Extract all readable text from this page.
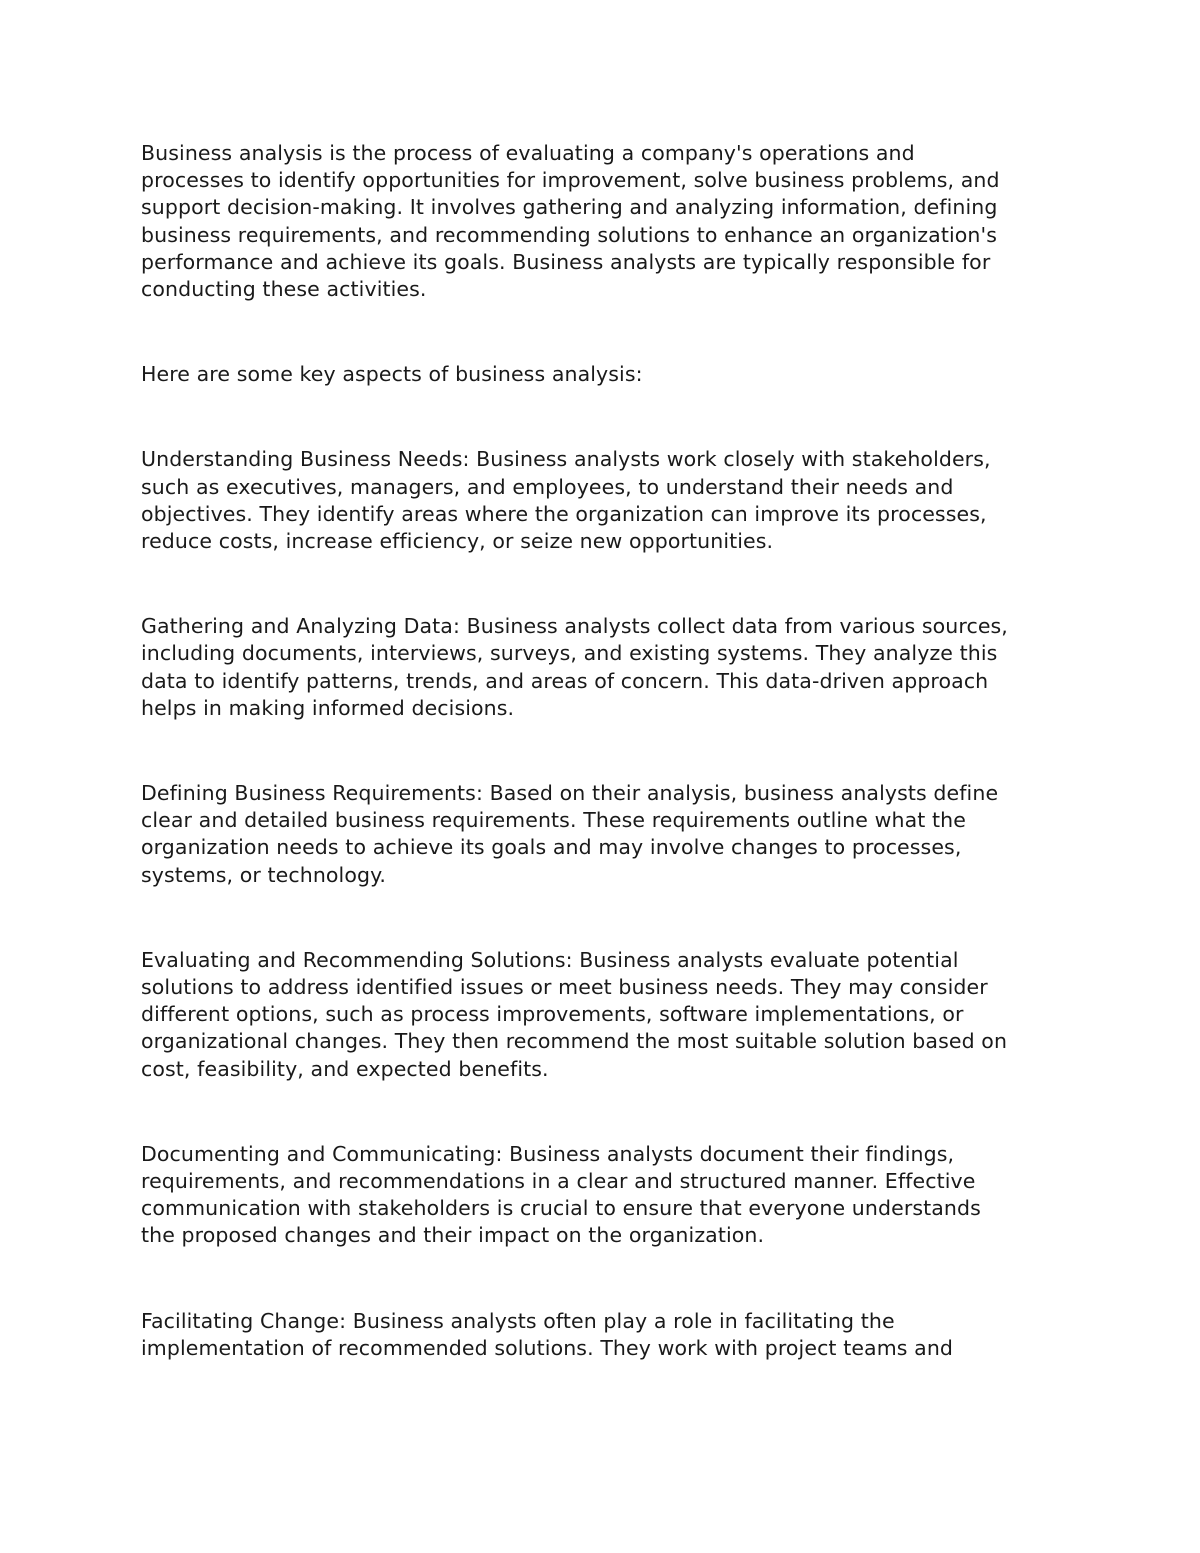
Business analysis is the process of evaluating a company's operations and
processes to identify opportunities for improvement, solve business problems, and
support decision-making. It involves gathering and analyzing information, defining
business requirements, and recommending solutions to enhance an organization's
performance and achieve its goals. Business analysts are typically responsible for
conducting these activities.

Here are some key aspects of business analysis:

Understanding Business Needs: Business analysts work closely with stakeholders,
such as executives, managers, and employees, to understand their needs and
objectives. They identify areas where the organization can improve its processes,
reduce costs, increase efficiency, or seize new opportunities.

Gathering and Analyzing Data: Business analysts collect data from various sources,
including documents, interviews, surveys, and existing systems. They analyze this
data to identify patterns, trends, and areas of concern. This data-driven approach
helps in making informed decisions.

Defining Business Requirements: Based on their analysis, business analysts define
clear and detailed business requirements. These requirements outline what the
organization needs to achieve its goals and may involve changes to processes,
systems, or technology.

Evaluating and Recommending Solutions: Business analysts evaluate potential
solutions to address identified issues or meet business needs. They may consider
different options, such as process improvements, software implementations, or
organizational changes. They then recommend the most suitable solution based on
cost, feasibility, and expected benefits.

Documenting and Communicating: Business analysts document their findings,
requirements, and recommendations in a clear and structured manner. Effective
communication with stakeholders is crucial to ensure that everyone understands
the proposed changes and their impact on the organization.

Facilitating Change: Business analysts often play a role in facilitating the
implementation of recommended solutions. They work with project teams and
